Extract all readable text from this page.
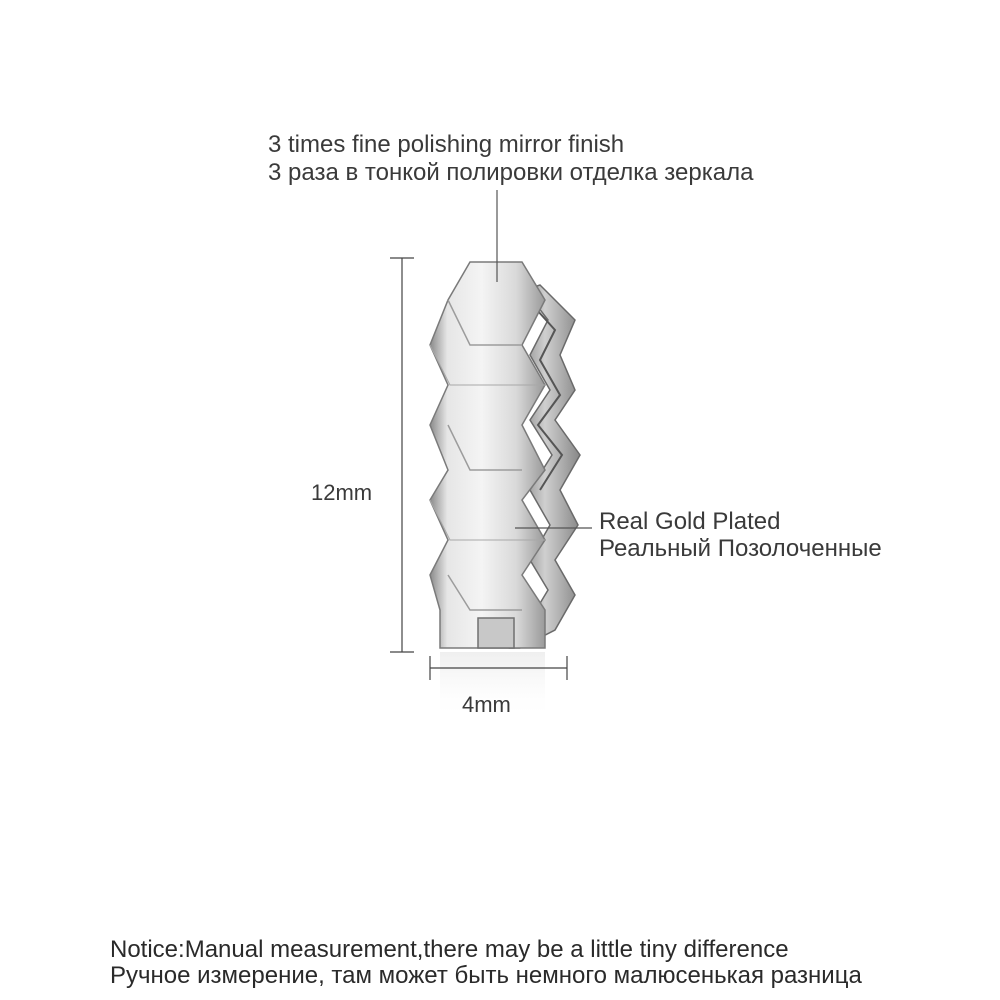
3 times fine polishing mirror finish
3 раза в тонкой полировки отделка зеркала
Real Gold Plated
Реальный Позолоченные
12mm
4mm
Notice:Manual measurement,there may be a little tiny difference
Ручное измерение, там может быть немного малюсенькая разница
